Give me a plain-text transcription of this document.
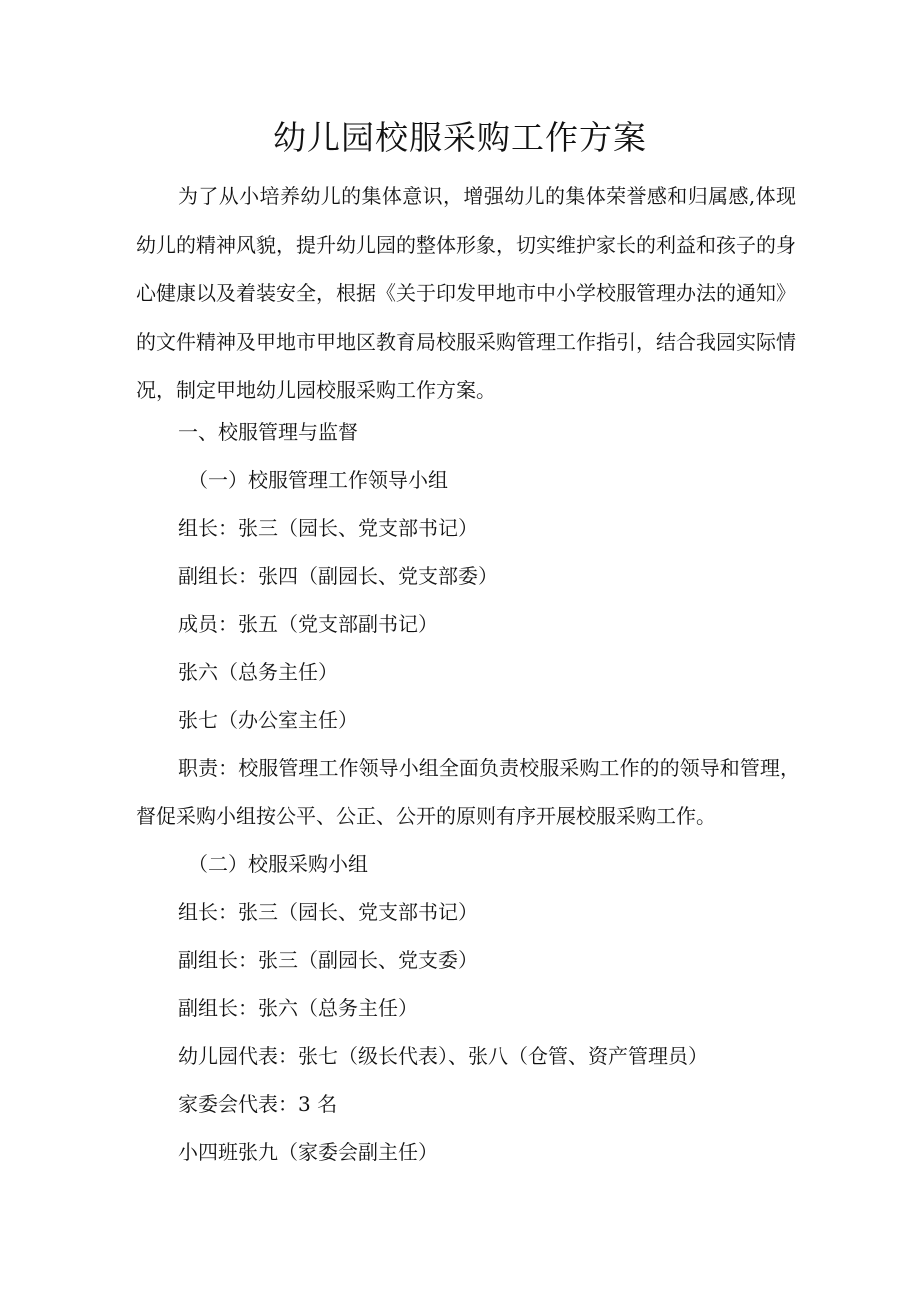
幼儿园校服采购工作方案

为了从小培养幼儿的集体意识，增强幼儿的集体荣誉感和归属感,体现幼儿的精神风貌，提升幼儿园的整体形象，切实维护家长的利益和孩子的身心健康以及着装安全，根据《关于印发甲地市中小学校服管理办法的通知》的文件精神及甲地市甲地区教育局校服采购管理工作指引，结合我园实际情况，制定甲地幼儿园校服采购工作方案。

一、校服管理与监督

（一）校服管理工作领导小组

组长：张三（园长、党支部书记）

副组长：张四（副园长、党支部委）

成员：张五（党支部副书记）

张六（总务主任）

张七（办公室主任）

职责：校服管理工作领导小组全面负责校服采购工作的的领导和管理，督促采购小组按公平、公正、公开的原则有序开展校服采购工作。

（二）校服采购小组

组长：张三（园长、党支部书记）

副组长：张三（副园长、党支委）

副组长：张六（总务主任）

幼儿园代表：张七（级长代表）、张八（仓管、资产管理员）

家委会代表：3 名

小四班张九（家委会副主任）
